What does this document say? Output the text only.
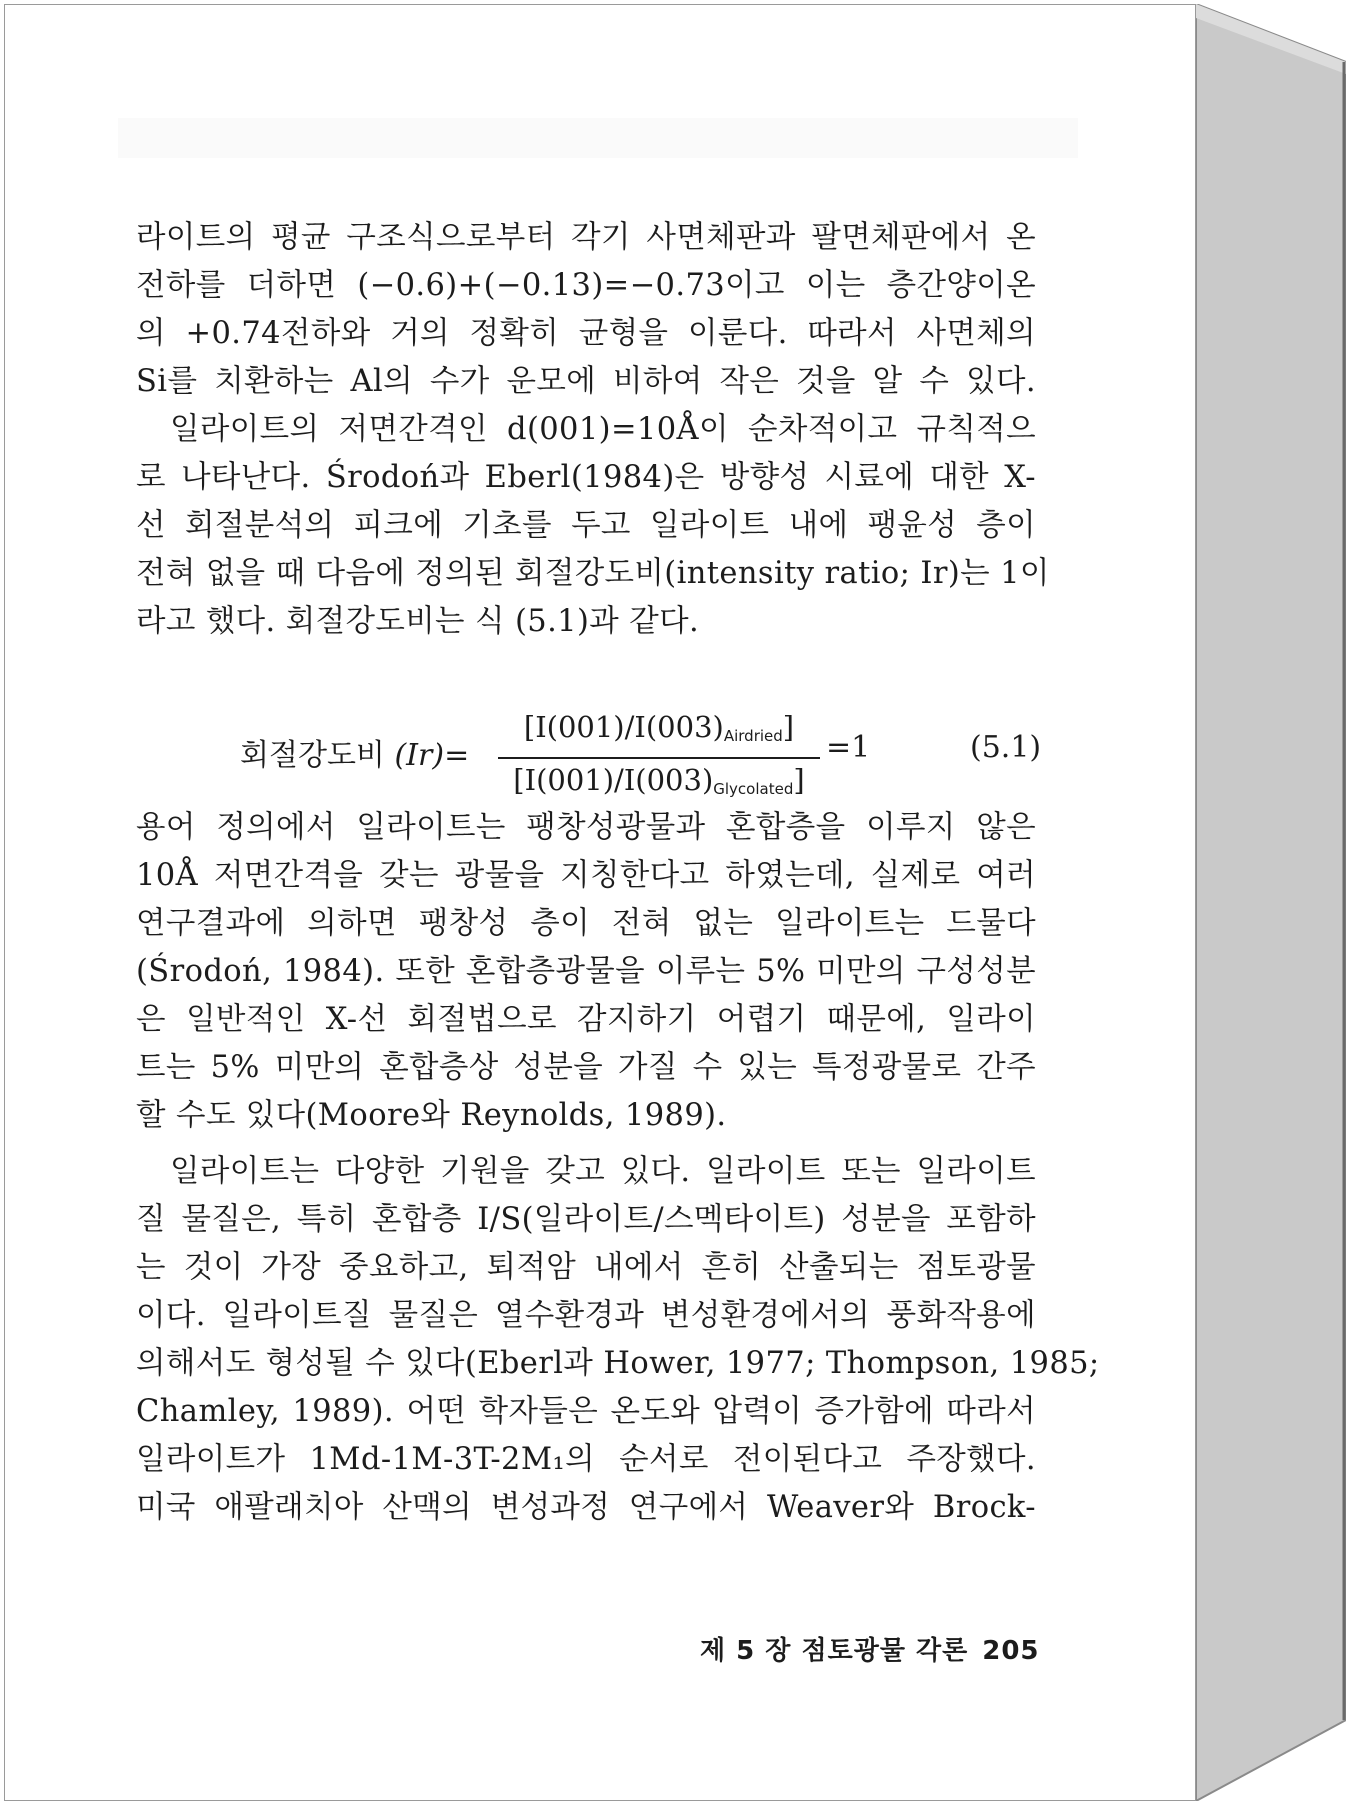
라이트의 평균 구조식으로부터 각기 사면체판과 팔면체판에서 온
전하를 더하면 (−0.6)+(−0.13)=−0.73이고 이는 층간양이온
의 +0.74전하와 거의 정확히 균형을 이룬다. 따라서 사면체의
Si를 치환하는 Al의 수가 운모에 비하여 작은 것을 알 수 있다.
일라이트의 저면간격인 d(001)=10Å이 순차적이고 규칙적으
로 나타난다. Środoń과 Eberl(1984)은 방향성 시료에 대한 X-
선 회절분석의 피크에 기초를 두고 일라이트 내에 팽윤성 층이
전혀 없을 때 다음에 정의된 회절강도비(intensity ratio; Ir)는 1이
라고 했다. 회절강도비는 식 (5.1)과 같다.
회절강도비 (Ir)=
$[I(001)/I(003)_{Airdried}]$
$[I(001)/I(003)_{Glycolated}]$
=1	(5.1)
용어 정의에서 일라이트는 팽창성광물과 혼합층을 이루지 않은
10Å 저면간격을 갖는 광물을 지칭한다고 하였는데, 실제로 여러
연구결과에 의하면 팽창성 층이 전혀 없는 일라이트는 드물다
(Środoń, 1984). 또한 혼합층광물을 이루는 5% 미만의 구성성분
은 일반적인 X-선 회절법으로 감지하기 어렵기 때문에, 일라이
트는 5% 미만의 혼합층상 성분을 가질 수 있는 특정광물로 간주
할 수도 있다(Moore와 Reynolds, 1989).
일라이트는 다양한 기원을 갖고 있다. 일라이트 또는 일라이트
질 물질은, 특히 혼합층 I/S(일라이트/스멕타이트) 성분을 포함하
는 것이 가장 중요하고, 퇴적암 내에서 흔히 산출되는 점토광물
이다. 일라이트질 물질은 열수환경과 변성환경에서의 풍화작용에
의해서도 형성될 수 있다(Eberl과 Hower, 1977; Thompson, 1985;
Chamley, 1989). 어떤 학자들은 온도와 압력이 증가함에 따라서
일라이트가 1Md-1M-3T-2M₁의 순서로 전이된다고 주장했다.
미국 애팔래치아 산맥의 변성과정 연구에서 Weaver와 Brock-
제 5 장 점토광물 각론 205
